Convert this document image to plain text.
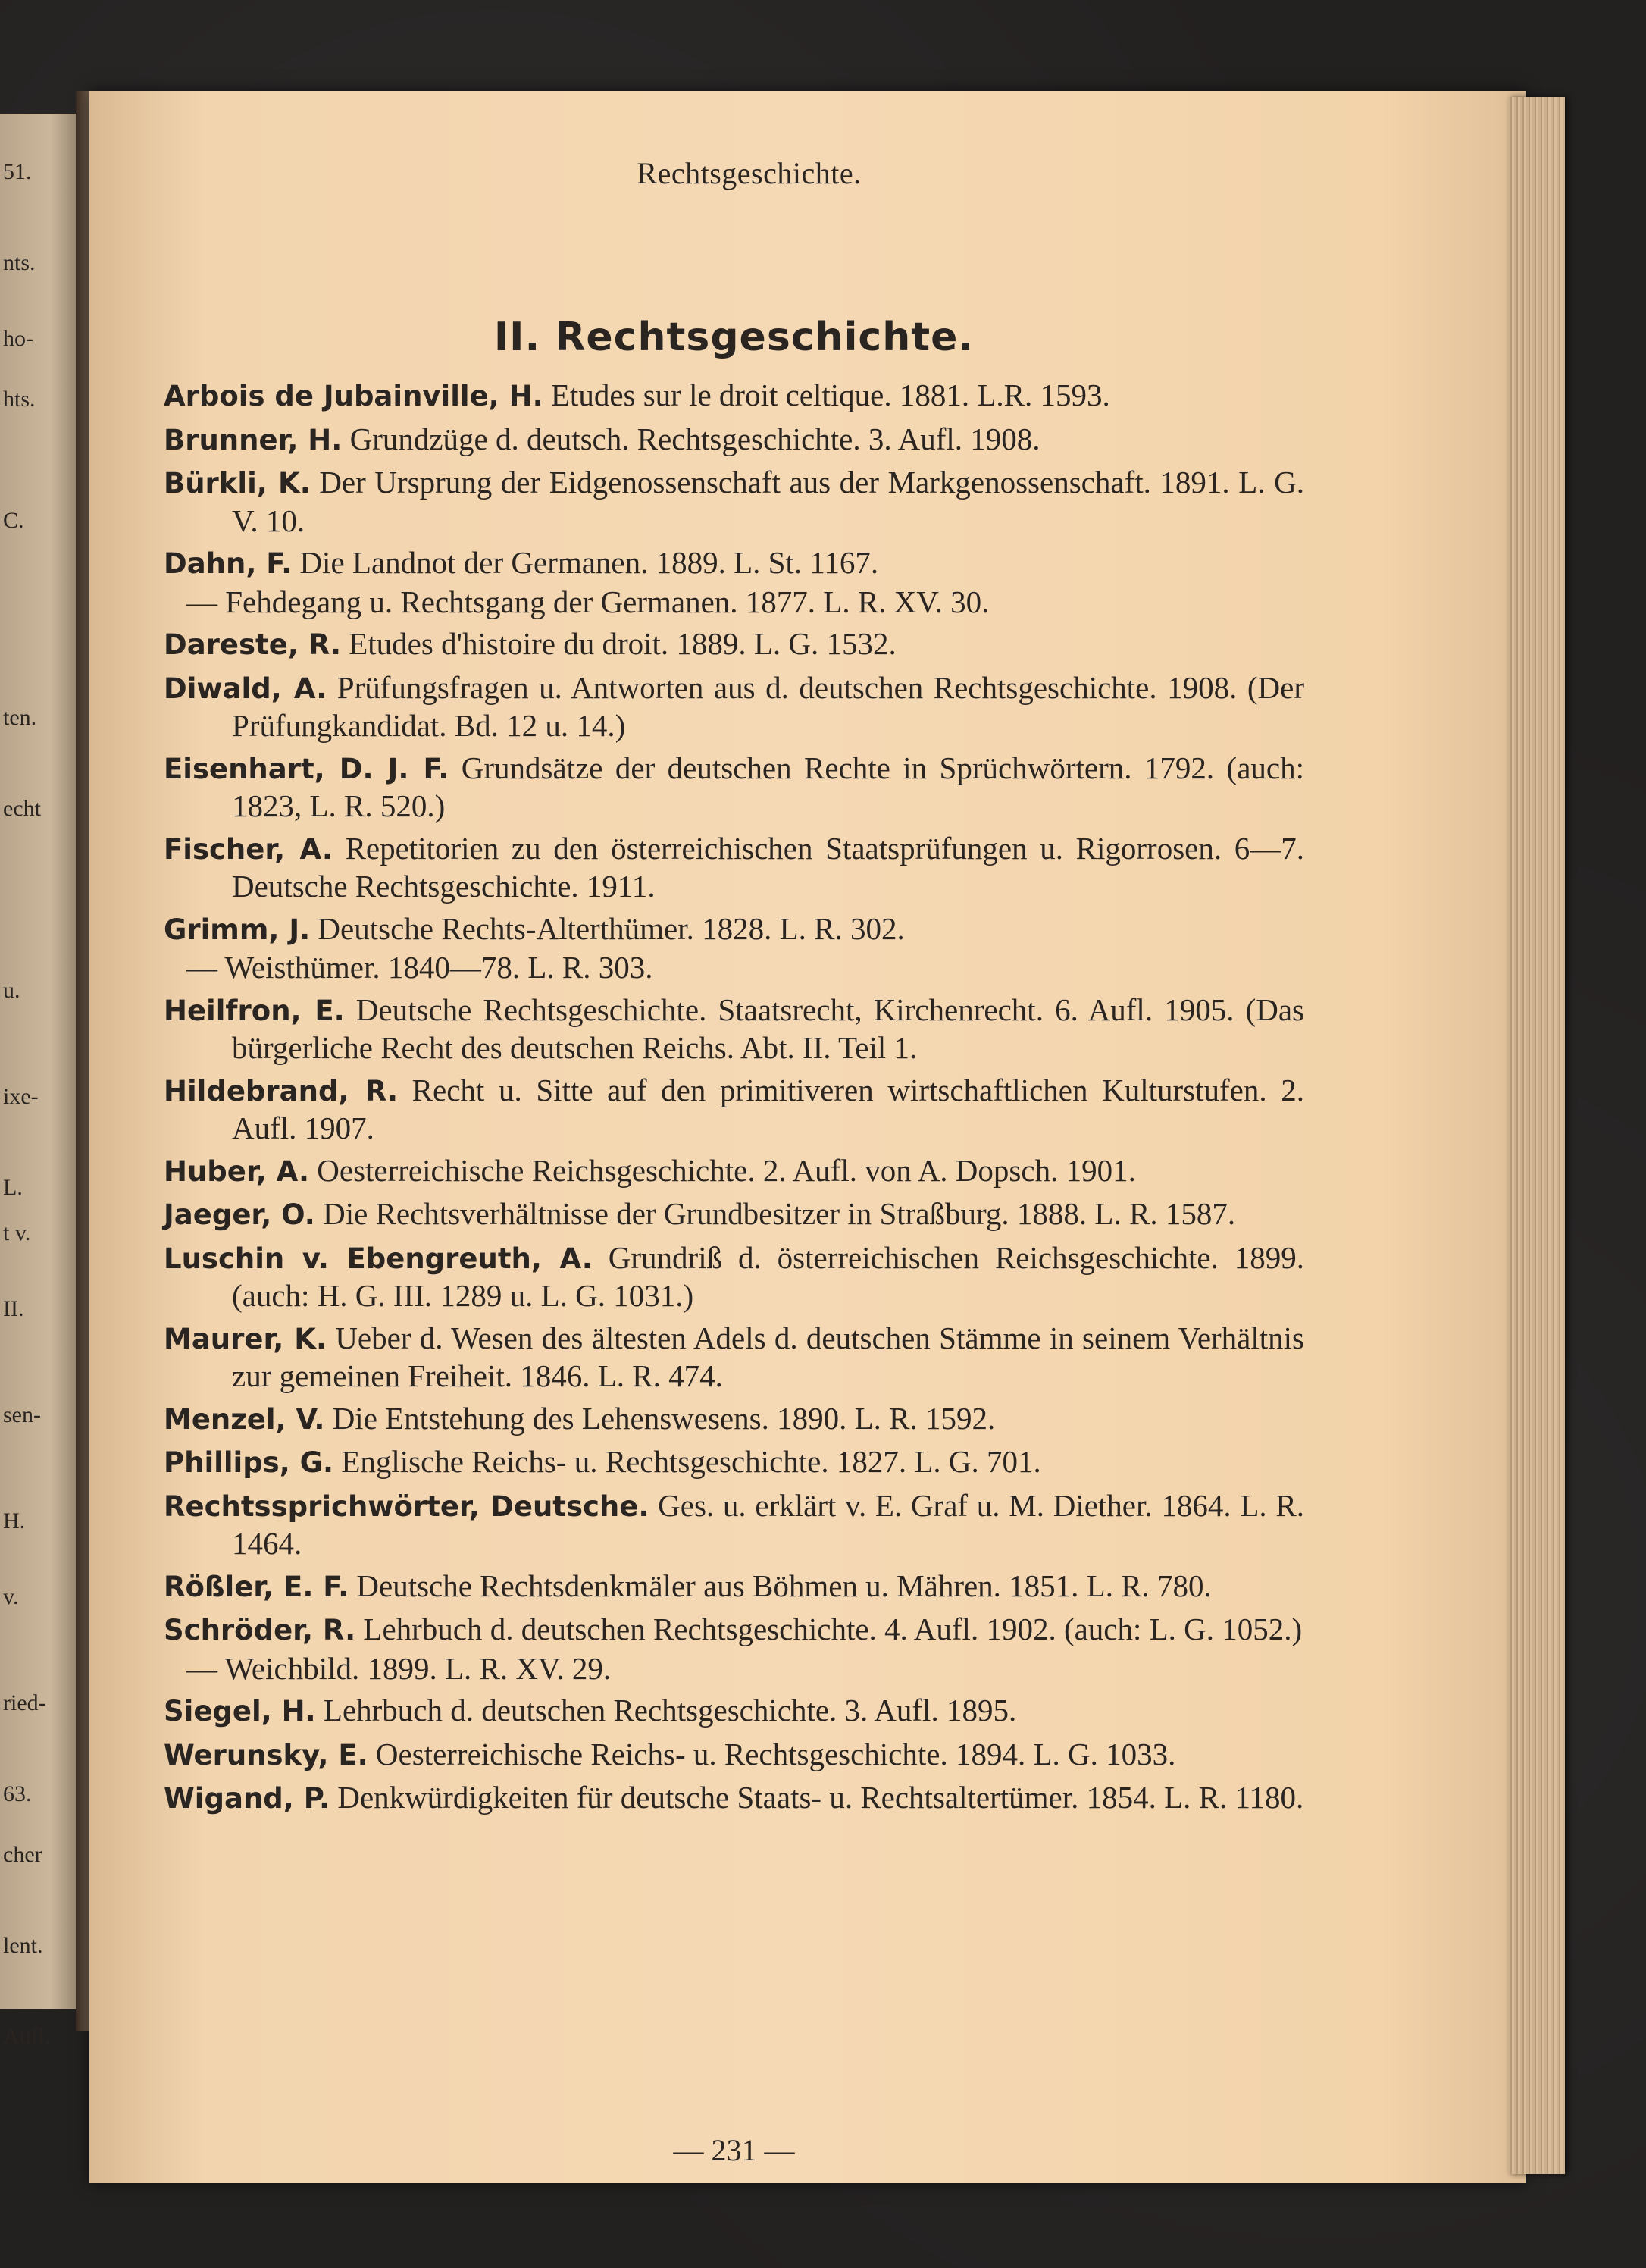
51.
nts.
ho-
hts.
C.
ten.
echt
u.
ixe-
L.
t v.
II.
sen-
H.
v.
ried-
63.
cher
lent.
Aufl.
Rechtsgeschichte.
II. Rechtsgeschichte.

Arbois de Jubainville, H. Etudes sur le droit celtique. 1881. L.R. 1593.

Brunner, H. Grundzüge d. deutsch. Rechtsgeschichte. 3. Aufl. 1908.

Bürkli, K. Der Ursprung der Eidgenossenschaft aus der Markgenossenschaft. 1891. L. G. V. 10.

Dahn, F. Die Landnot der Germanen. 1889. L. St. 1167.

— Fehdegang u. Rechtsgang der Germanen. 1877. L. R. XV. 30.

Dareste, R. Etudes d'histoire du droit. 1889. L. G. 1532.

Diwald, A. Prüfungsfragen u. Antworten aus d. deutschen Rechtsgeschichte. 1908. (Der Prüfungkandidat. Bd. 12 u. 14.)

Eisenhart, D. J. F. Grundsätze der deutschen Rechte in Sprüchwörtern. 1792. (auch: 1823, L. R. 520.)

Fischer, A. Repetitorien zu den österreichischen Staatsprüfungen u. Rigorrosen. 6—7. Deutsche Rechtsgeschichte. 1911.

Grimm, J. Deutsche Rechts-Alterthümer. 1828. L. R. 302.

— Weisthümer. 1840—78. L. R. 303.

Heilfron, E. Deutsche Rechtsgeschichte. Staatsrecht, Kirchenrecht. 6. Aufl. 1905. (Das bürgerliche Recht des deutschen Reichs. Abt. II. Teil 1.

Hildebrand, R. Recht u. Sitte auf den primitiveren wirtschaftlichen Kulturstufen. 2. Aufl. 1907.

Huber, A. Oesterreichische Reichsgeschichte. 2. Aufl. von A. Dopsch. 1901.

Jaeger, O. Die Rechtsverhältnisse der Grundbesitzer in Straßburg. 1888. L. R. 1587.

Luschin v. Ebengreuth, A. Grundriß d. österreichischen Reichsgeschichte. 1899. (auch: H. G. III. 1289 u. L. G. 1031.)

Maurer, K. Ueber d. Wesen des ältesten Adels d. deutschen Stämme in seinem Verhältnis zur gemeinen Freiheit. 1846. L. R. 474.

Menzel, V. Die Entstehung des Lehenswesens. 1890. L. R. 1592.

Phillips, G. Englische Reichs- u. Rechtsgeschichte. 1827. L. G. 701.

Rechtssprichwörter, Deutsche. Ges. u. erklärt v. E. Graf u. M. Diether. 1864. L. R. 1464.

Rößler, E. F. Deutsche Rechtsdenkmäler aus Böhmen u. Mähren. 1851. L. R. 780.

Schröder, R. Lehrbuch d. deutschen Rechtsgeschichte. 4. Aufl. 1902. (auch: L. G. 1052.)

— Weichbild. 1899. L. R. XV. 29.

Siegel, H. Lehrbuch d. deutschen Rechtsgeschichte. 3. Aufl. 1895.

Werunsky, E. Oesterreichische Reichs- u. Rechtsgeschichte. 1894. L. G. 1033.

Wigand, P. Denkwürdigkeiten für deutsche Staats- u. Rechtsaltertümer. 1854. L. R. 1180.

— 231 —
